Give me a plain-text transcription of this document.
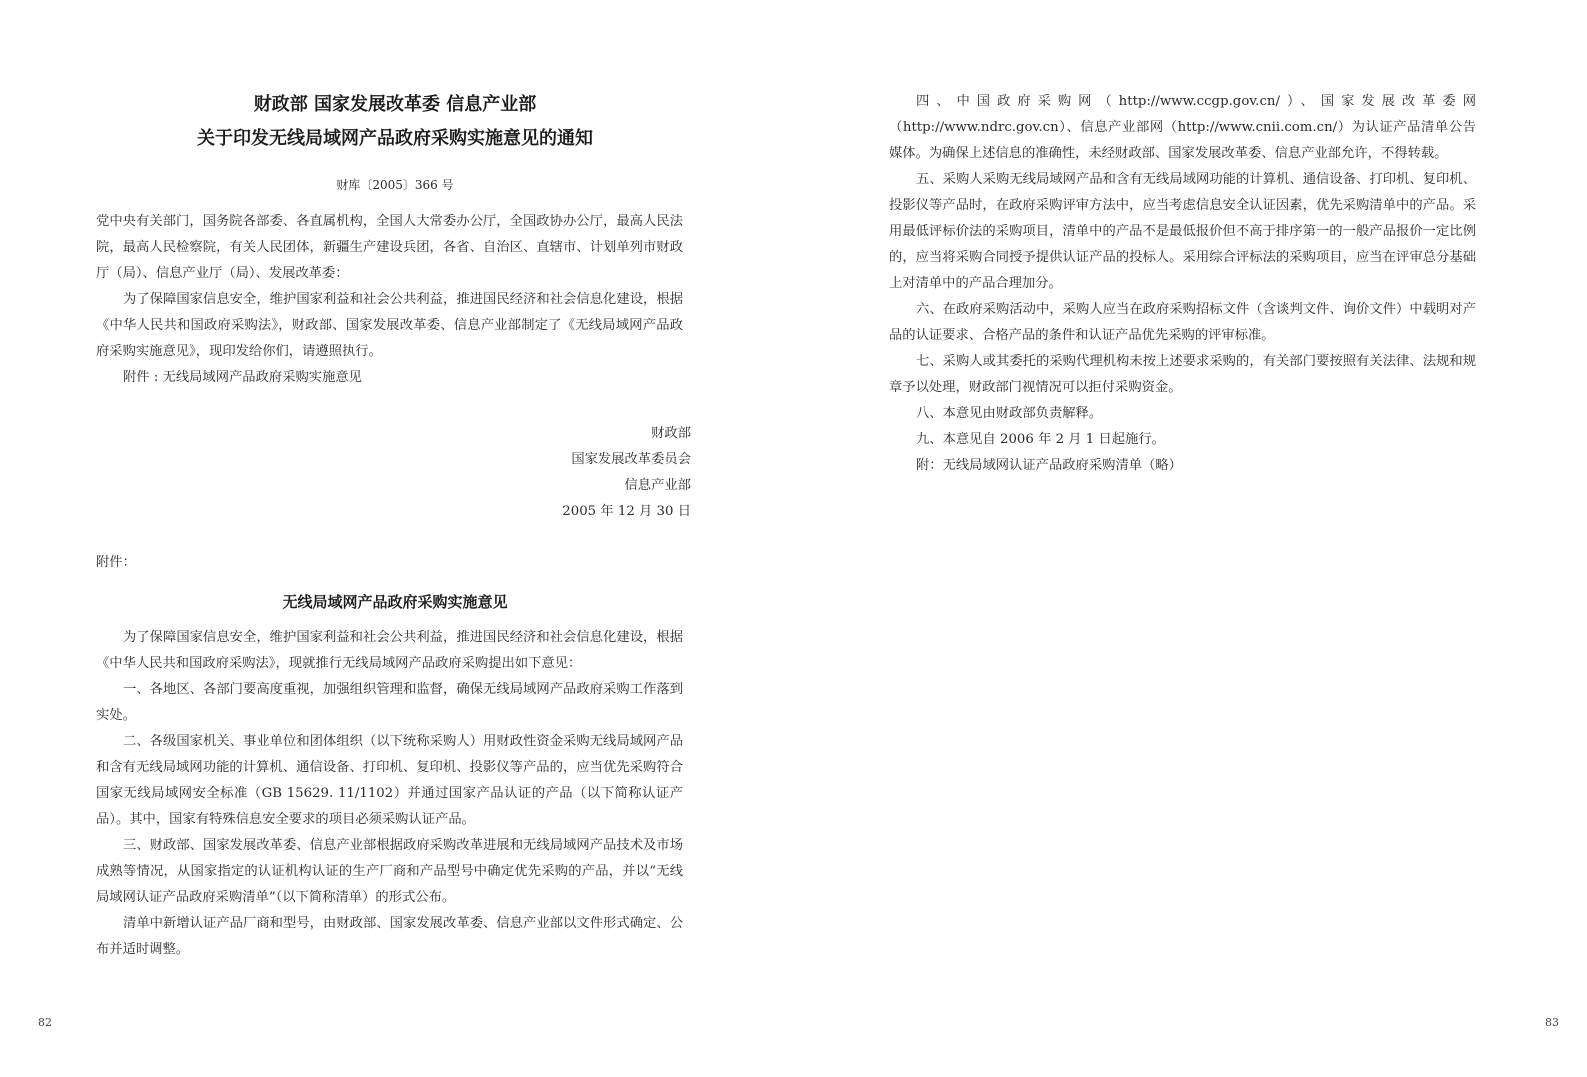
财政部 国家发展改革委 信息产业部
关于印发无线局域网产品政府采购实施意见的通知
财库〔2005〕366 号

党中央有关部门，国务院各部委、各直属机构，全国人大常委办公厅，全国政协办公厅，最高人民法院，最高人民检察院，有关人民团体，新疆生产建设兵团，各省、自治区、直辖市、计划单列市财政厅（局）、信息产业厅（局）、发展改革委：

为了保障国家信息安全，维护国家利益和社会公共利益，推进国民经济和社会信息化建设，根据《中华人民共和国政府采购法》，财政部、国家发展改革委、信息产业部制定了《无线局域网产品政府采购实施意见》，现印发给你们，请遵照执行。

附件 : 无线局域网产品政府采购实施意见

财政部
国家发展改革委员会
信息产业部
2005 年 12 月 30 日
附件：
无线局域网产品政府采购实施意见

为了保障国家信息安全，维护国家利益和社会公共利益，推进国民经济和社会信息化建设，根据《中华人民共和国政府采购法》，现就推行无线局域网产品政府采购提出如下意见：

一、各地区、各部门要高度重视，加强组织管理和监督，确保无线局域网产品政府采购工作落到实处。

二、各级国家机关、事业单位和团体组织（以下统称采购人）用财政性资金采购无线局域网产品和含有无线局域网功能的计算机、通信设备、打印机、复印机、投影仪等产品的，应当优先采购符合国家无线局域网安全标准（GB 15629. 11/1102）并通过国家产品认证的产品（以下简称认证产品）。其中，国家有特殊信息安全要求的项目必须采购认证产品。

三、财政部、国家发展改革委、信息产业部根据政府采购改革进展和无线局域网产品技术及市场成熟等情况，从国家指定的认证机构认证的生产厂商和产品型号中确定优先采购的产品，并以“无线局域网认证产品政府采购清单”（以下简称清单）的形式公布。

清单中新增认证产品厂商和型号，由财政部、国家发展改革委、信息产业部以文件形式确定、公布并适时调整。

82

四、中国政府采购网（http://www.ccgp.gov.cn/）、国家发展改革委网（http://www.ndrc.gov.cn）、信息产业部网（http://www.cnii.com.cn/）为认证产品清单公告媒体。为确保上述信息的准确性，未经财政部、国家发展改革委、信息产业部允许，不得转载。

五、采购人采购无线局域网产品和含有无线局域网功能的计算机、通信设备、打印机、复印机、投影仪等产品时，在政府采购评审方法中，应当考虑信息安全认证因素，优先采购清单中的产品。采用最低评标价法的采购项目，清单中的产品不是最低报价但不高于排序第一的一般产品报价一定比例的，应当将采购合同授予提供认证产品的投标人。采用综合评标法的采购项目，应当在评审总分基础上对清单中的产品合理加分。

六、在政府采购活动中，采购人应当在政府采购招标文件（含谈判文件、询价文件）中载明对产品的认证要求、合格产品的条件和认证产品优先采购的评审标准。

七、采购人或其委托的采购代理机构未按上述要求采购的，有关部门要按照有关法律、法规和规章予以处理，财政部门视情况可以拒付采购资金。

八、本意见由财政部负责解释。

九、本意见自 2006 年 2 月 1 日起施行。

附：无线局域网认证产品政府采购清单（略）

83
